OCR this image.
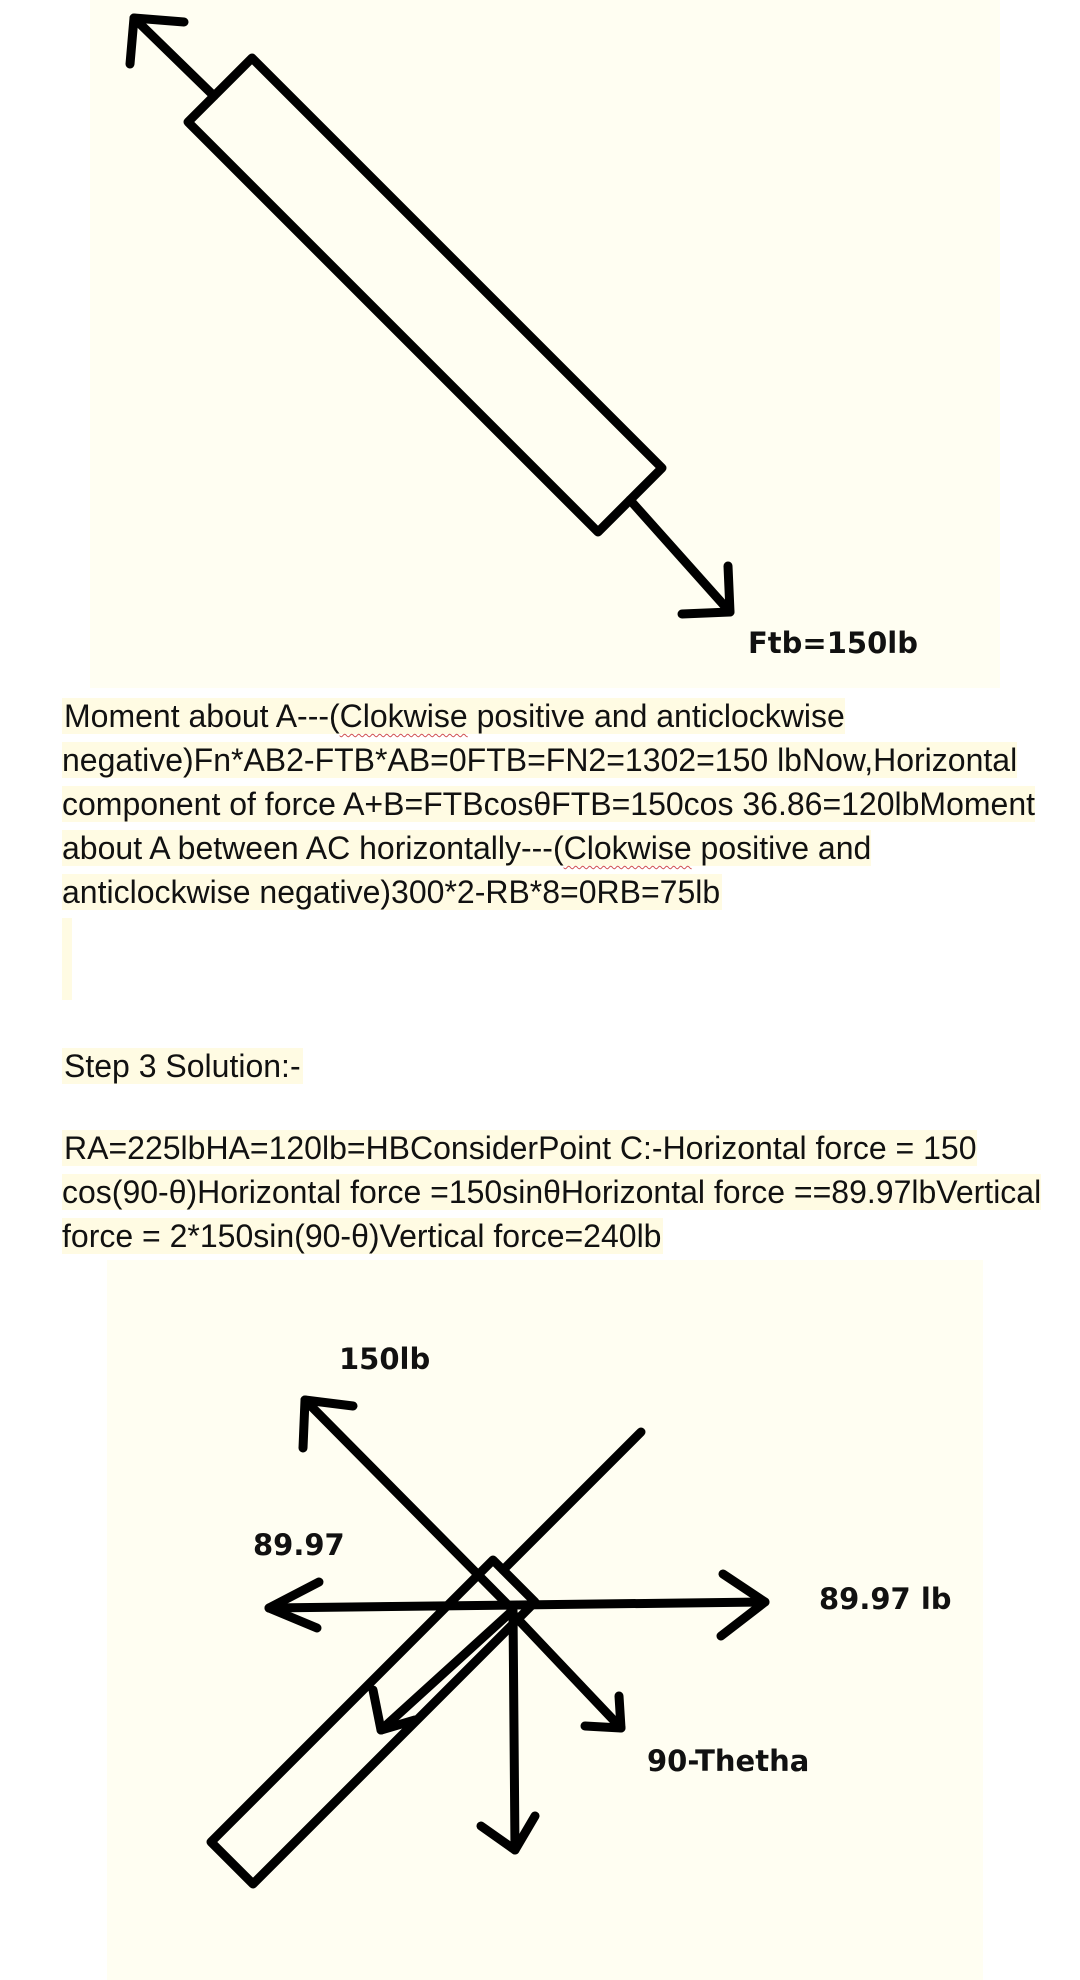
Ftb=150lb

Moment about A---(Clokwise positive and anticlockwise negative)Fn*AB2-FTB*AB=0FTB=FN2=1302=150 lbNow,Horizontal component of force A+B=FTBcosθFTB=150cos 36.86=120lbMoment about A between AC horizontally---(Clokwise positive and anticlockwise negative)300*2-RB*8=0RB=75lb

Step 3 Solution:-

RA=225lbHA=120lb=HBConsiderPoint C:-Horizontal force = 150 cos(90-θ)Horizontal force =150sinθHorizontal force ==89.97lbVertical force = 2*150sin(90-θ)Vertical force=240lb

150lb
89.97
89.97 lb
90-Thetha
